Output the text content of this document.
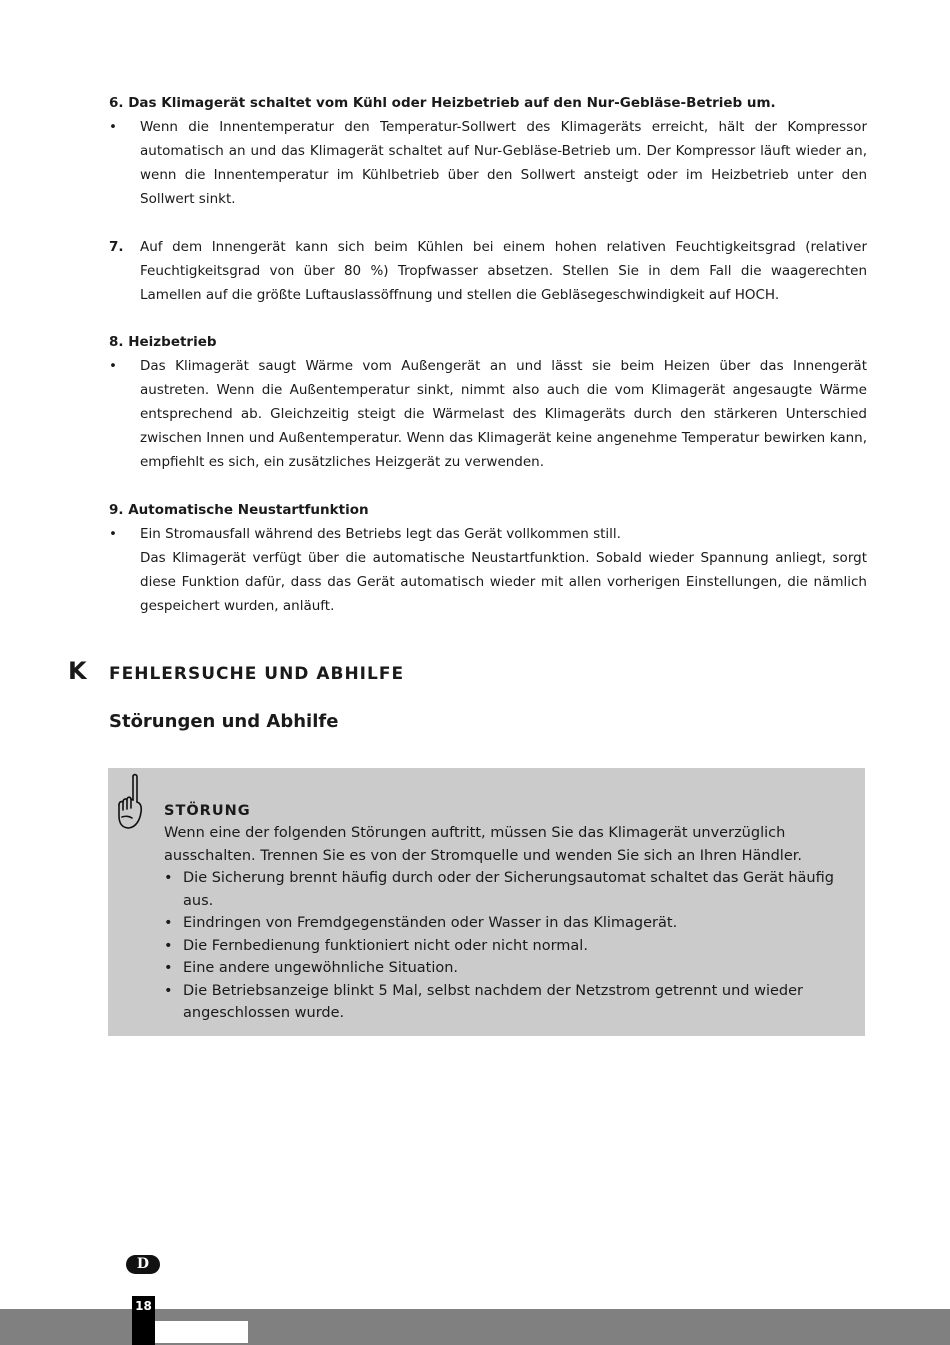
6. Das Klimagerät schaltet vom Kühl oder Heizbetrieb auf den Nur-Gebläse-Betrieb um.

•	Wenn die Innentemperatur den Temperatur-Sollwert des Klimageräts erreicht, hält der Kompressor automatisch an und das Klimagerät schaltet auf Nur-Gebläse-Betrieb um. Der Kompressor läuft wieder an, wenn die Innentemperatur im Kühlbetrieb über den Sollwert ansteigt oder im Heizbetrieb unter den Sollwert sinkt.
7.	Auf dem Innengerät kann sich beim Kühlen bei einem hohen relativen Feuchtigkeitsgrad (relativer Feuchtigkeitsgrad von über 80 %) Tropfwasser absetzen. Stellen Sie in dem Fall die waagerechten Lamellen auf die größte Luftauslassöffnung und stellen die Gebläsegeschwindigkeit auf HOCH.

8. Heizbetrieb

•	Das Klimagerät saugt Wärme vom Außengerät an und lässt sie beim Heizen über das Innengerät austreten. Wenn die Außentemperatur sinkt, nimmt also auch die vom Klimagerät angesaugte Wärme entsprechend ab. Gleichzeitig steigt die Wärmelast des Klimageräts durch den stärkeren Unterschied zwischen Innen und Außentemperatur. Wenn das Klimagerät keine angenehme Temperatur bewirken kann, empfiehlt es sich, ein zusätzliches Heizgerät zu verwenden.

9. Automatische Neustartfunktion

•	Ein Stromausfall während des Betriebs legt das Gerät vollkommen still.
Das Klimagerät verfügt über die automatische Neustartfunktion. Sobald wieder Spannung anliegt, sorgt diese Funktion dafür, dass das Gerät automatisch wieder mit allen vorherigen Einstellungen, die nämlich gespeichert wurden, anläuft.
K FEHLERSUCHE UND ABHILFE
Störungen und Abhilfe
STÖRUNG
Wenn eine der folgenden Störungen auftritt, müssen Sie das Klimagerät unverzüglich ausschalten. Trennen Sie es von der Stromquelle und wenden Sie sich an Ihren Händler.
• Die Sicherung brennt häufig durch oder der Sicherungsautomat schaltet das Gerät häufig aus.
• Eindringen von Fremdgegenständen oder Wasser in das Klimagerät.
• Die Fernbedienung funktioniert nicht oder nicht normal.
• Eine andere ungewöhnliche Situation.
• Die Betriebsanzeige blinkt 5 Mal, selbst nachdem der Netzstrom getrennt und wieder angeschlossen wurde.
D
18
